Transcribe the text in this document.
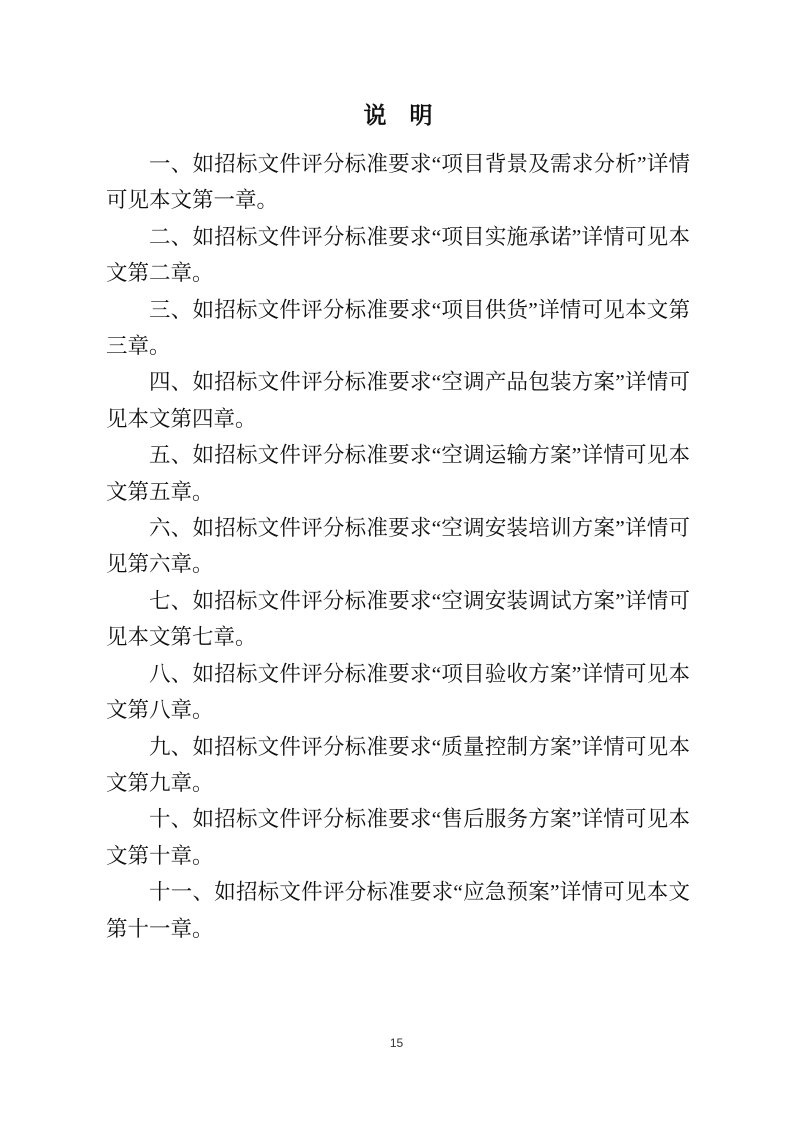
说　明

一、如招标文件评分标准要求“项目背景及需求分析”详情可见本文第一章。

二、如招标文件评分标准要求“项目实施承诺”详情可见本文第二章。

三、如招标文件评分标准要求“项目供货”详情可见本文第三章。

四、如招标文件评分标准要求“空调产品包装方案”详情可见本文第四章。

五、如招标文件评分标准要求“空调运输方案”详情可见本文第五章。

六、如招标文件评分标准要求“空调安装培训方案”详情可见第六章。

七、如招标文件评分标准要求“空调安装调试方案”详情可见本文第七章。

八、如招标文件评分标准要求“项目验收方案”详情可见本文第八章。

九、如招标文件评分标准要求“质量控制方案”详情可见本文第九章。

十、如招标文件评分标准要求“售后服务方案”详情可见本文第十章。

十一、如招标文件评分标准要求“应急预案”详情可见本文第十一章。

15
